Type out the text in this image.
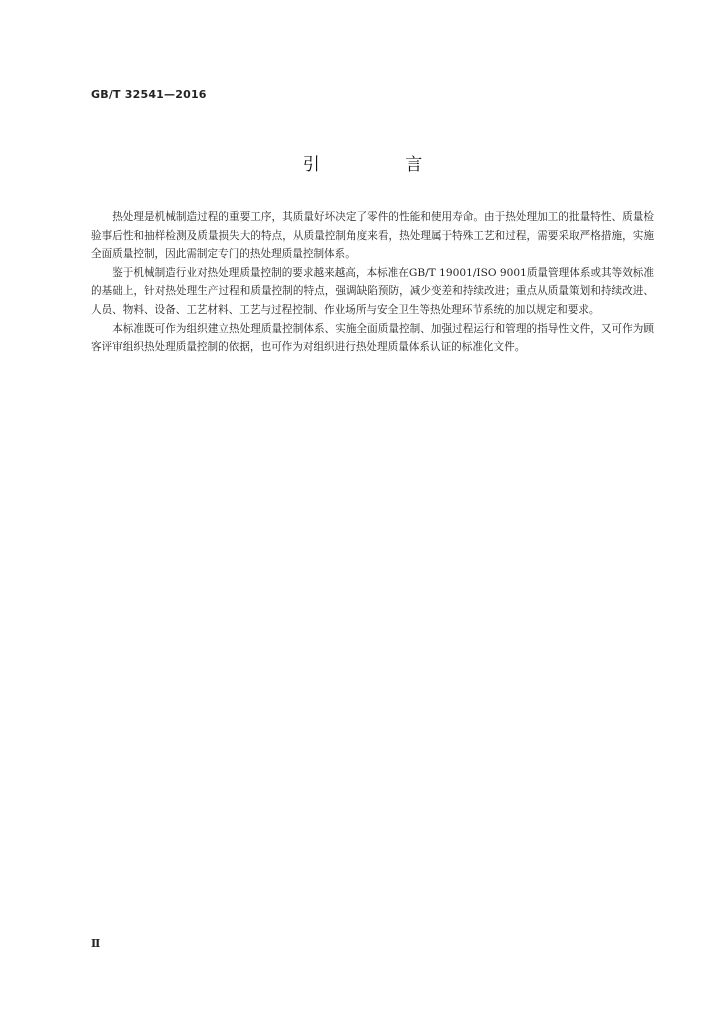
GB/T 32541—2016
引 言

热处理是机械制造过程的重要工序，其质量好坏决定了零件的性能和使用寿命。由于热处理加工的批量特性、质量检验事后性和抽样检测及质量损失大的特点，从质量控制角度来看，热处理属于特殊工艺和过程，需要采取严格措施，实施全面质量控制，因此需制定专门的热处理质量控制体系。

鉴于机械制造行业对热处理质量控制的要求越来越高，本标准在GB/T 19001/ISO 9001质量管理体系或其等效标准的基础上，针对热处理生产过程和质量控制的特点，强调缺陷预防，减少变差和持续改进；重点从质量策划和持续改进、人员、物料、设备、工艺材料、工艺与过程控制、作业场所与安全卫生等热处理环节系统的加以规定和要求。

本标准既可作为组织建立热处理质量控制体系、实施全面质量控制、加强过程运行和管理的指导性文件，又可作为顾客评审组织热处理质量控制的依据，也可作为对组织进行热处理质量体系认证的标准化文件。

Ⅱ
